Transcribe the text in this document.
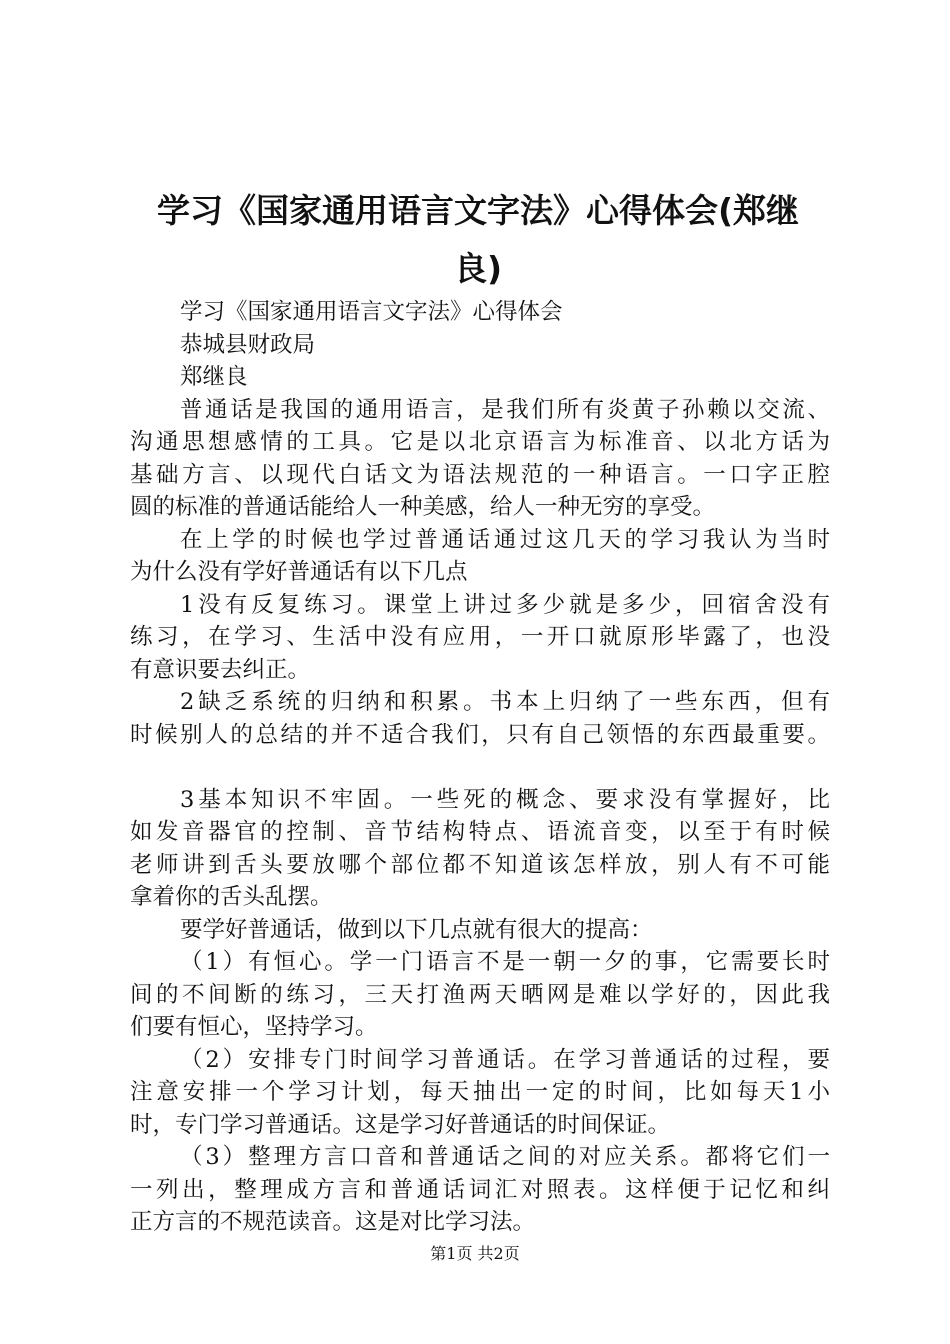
学习《国家通用语言文字法》心得体会(郑继
良)
学习《国家通用语言文字法》心得体会
恭城县财政局
郑继良
普通话是我国的通用语言，是我们所有炎黄子孙赖以交流、
沟通思想感情的工具。它是以北京语言为标准音、以北方话为
基础方言、以现代白话文为语法规范的一种语言。一口字正腔
圆的标准的普通话能给人一种美感，给人一种无穷的享受。
在上学的时候也学过普通话通过这几天的学习我认为当时
为什么没有学好普通话有以下几点
1没有反复练习。课堂上讲过多少就是多少，回宿舍没有
练习，在学习、生活中没有应用，一开口就原形毕露了，也没
有意识要去纠正。
2缺乏系统的归纳和积累。书本上归纳了一些东西，但有
时候别人的总结的并不适合我们，只有自己领悟的东西最重要。
3基本知识不牢固。一些死的概念、要求没有掌握好，比
如发音器官的控制、音节结构特点、语流音变，以至于有时候
老师讲到舌头要放哪个部位都不知道该怎样放，别人有不可能
拿着你的舌头乱摆。
要学好普通话，做到以下几点就有很大的提高：
（1）有恒心。学一门语言不是一朝一夕的事，它需要长时
间的不间断的练习，三天打渔两天晒网是难以学好的，因此我
们要有恒心，坚持学习。
（2）安排专门时间学习普通话。在学习普通话的过程，要
注意安排一个学习计划，每天抽出一定的时间，比如每天1小
时，专门学习普通话。这是学习好普通话的时间保证。
（3）整理方言口音和普通话之间的对应关系。都将它们一
一列出，整理成方言和普通话词汇对照表。这样便于记忆和纠
正方言的不规范读音。这是对比学习法。
第1页 共2页
